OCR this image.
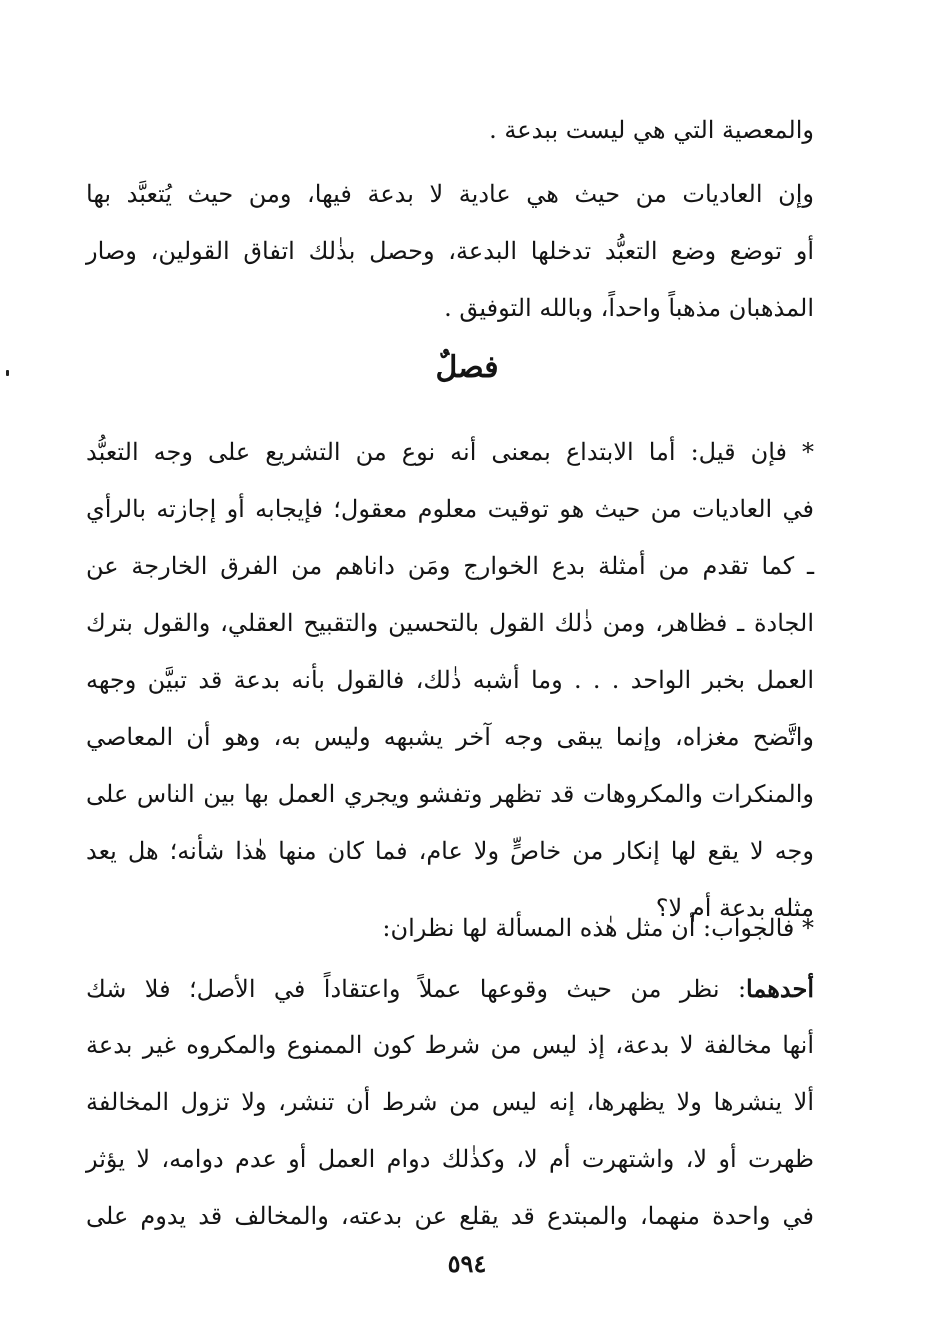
والمعصية التي هي ليست ببدعة .
وإن العاديات من حيث هي عادية لا بدعة فيها، ومن حيث يُتعبَّد بها
أو توضع وضع التعبُّد تدخلها البدعة، وحصل بذٰلك اتفاق القولين، وصار
المذهبان مذهباً واحداً، وبالله التوفيق .
فصلٌ
* فإن قيل: أما الابتداع بمعنى أنه نوع من التشريع على وجه التعبُّد
في العاديات من حيث هو توقيت معلوم معقول؛ فإيجابه أو إجازته بالرأي
ـ كما تقدم من أمثلة بدع الخوارج ومَن داناهم من الفرق الخارجة عن
الجادة ـ فظاهر، ومن ذٰلك القول بالتحسين والتقبيح العقلي، والقول بترك
العمل بخبر الواحد . . . وما أشبه ذٰلك، فالقول بأنه بدعة قد تبيَّن وجهه
واتَّضح مغزاه، وإنما يبقى وجه آخر يشبهه وليس به، وهو أن المعاصي
والمنكرات والمكروهات قد تظهر وتفشو ويجري العمل بها بين الناس على
وجه لا يقع لها إنكار من خاصٍّ ولا عام، فما كان منها هٰذا شأنه؛ هل يعد
مثله بدعة أم لا؟
* فالجواب: أن مثل هٰذه المسألة لها نظران:
أحدهما: نظر من حيث وقوعها عملاً واعتقاداً في الأصل؛ فلا شك
أنها مخالفة لا بدعة، إذ ليس من شرط كون الممنوع والمكروه غير بدعة
ألا ينشرها ولا يظهرها، إنه ليس من شرط أن تنشر، ولا تزول المخالفة
ظهرت أو لا، واشتهرت أم لا، وكذٰلك دوام العمل أو عدم دوامه، لا يؤثر
في واحدة منهما، والمبتدع قد يقلع عن بدعته، والمخالف قد يدوم على
٥٩٤
